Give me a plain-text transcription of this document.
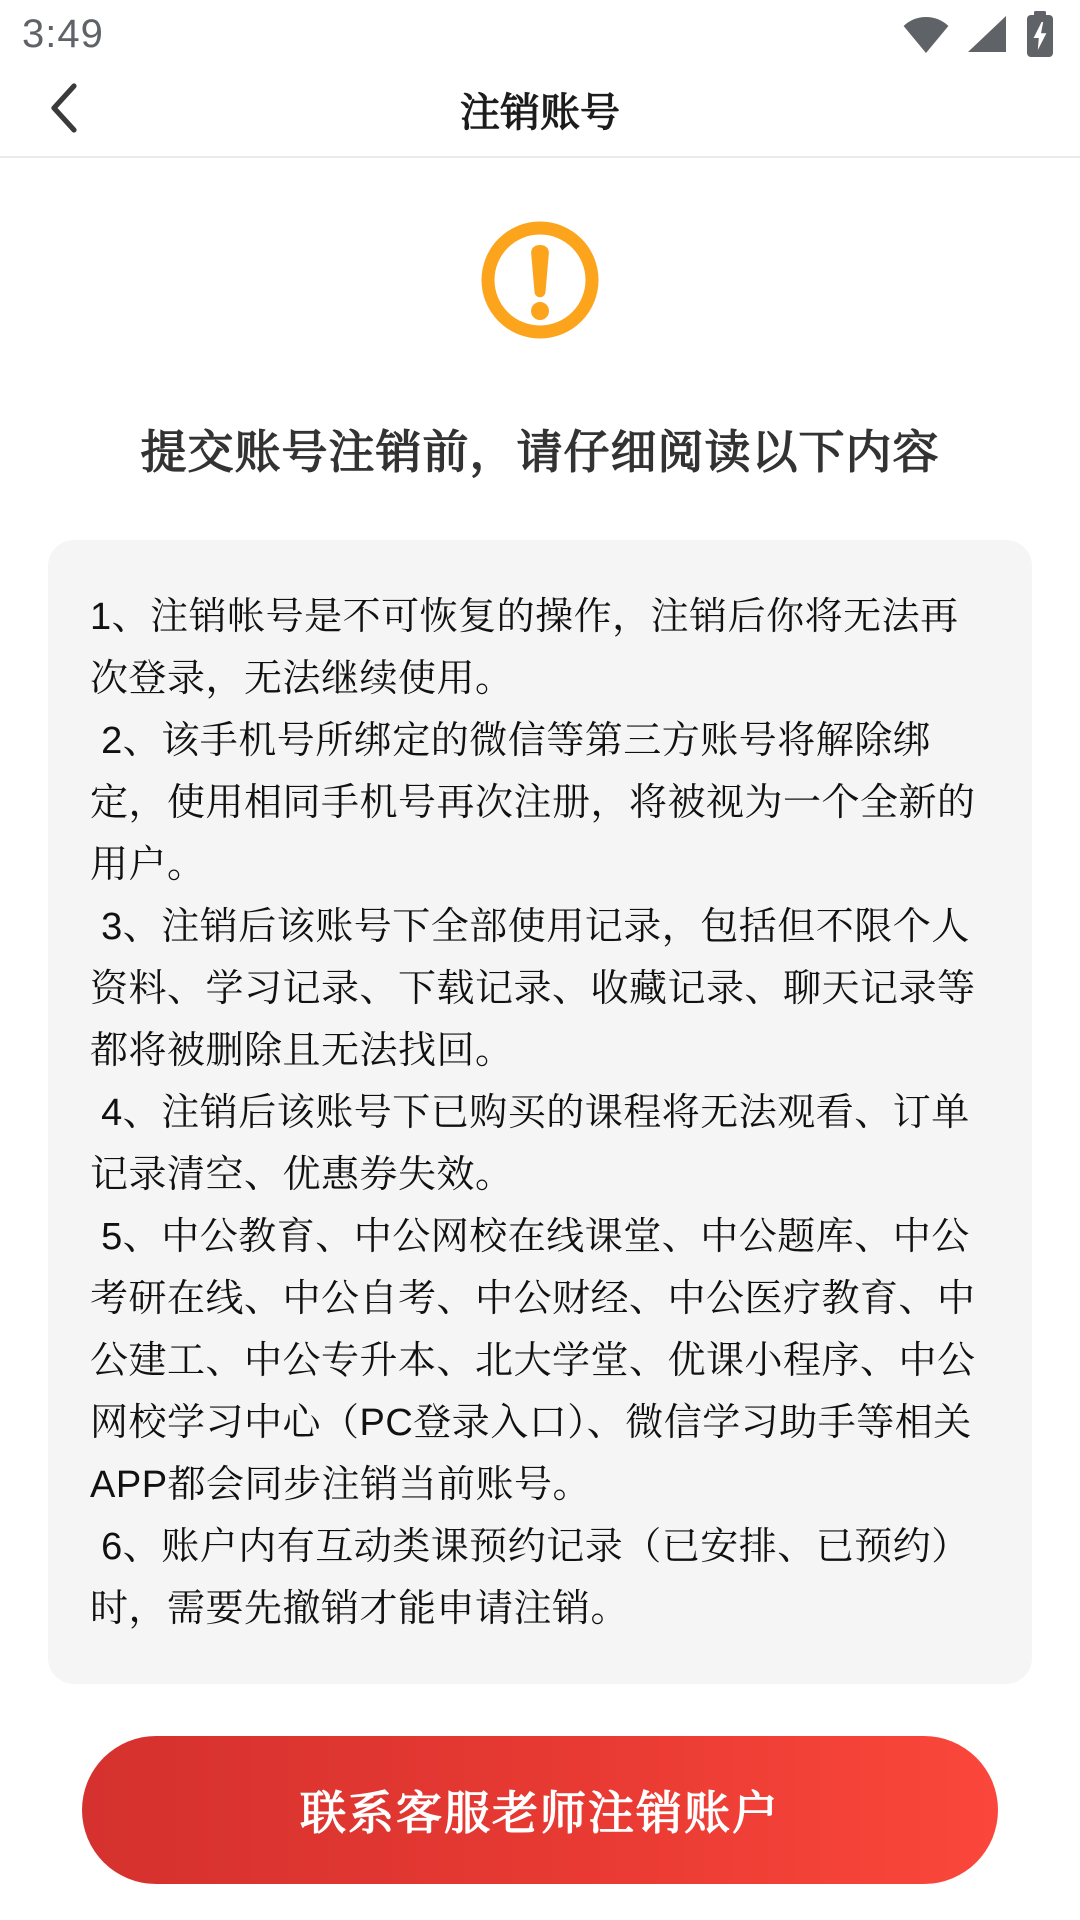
3:49
注销账号
提交账号注销前，请仔细阅读以下内容

1、注销帐号是不可恢复的操作，注销后你将无法再次登录，无法继续使用。

2、该手机号所绑定的微信等第三方账号将解除绑定，使用相同手机号再次注册，将被视为一个全新的用户。

3、注销后该账号下全部使用记录，包括但不限个人资料、学习记录、下载记录、收藏记录、聊天记录等都将被删除且无法找回。

4、注销后该账号下已购买的课程将无法观看、订单记录清空、优惠券失效。

5、中公教育、中公网校在线课堂、中公题库、中公考研在线、中公自考、中公财经、中公医疗教育、中公建工、中公专升本、北大学堂、优课小程序、中公网校学习中心（PC登录入口）、微信学习助手等相关APP都会同步注销当前账号。

6、账户内有互动类课预约记录（已安排、已预约）时，需要先撤销才能申请注销。

联系客服老师注销账户
